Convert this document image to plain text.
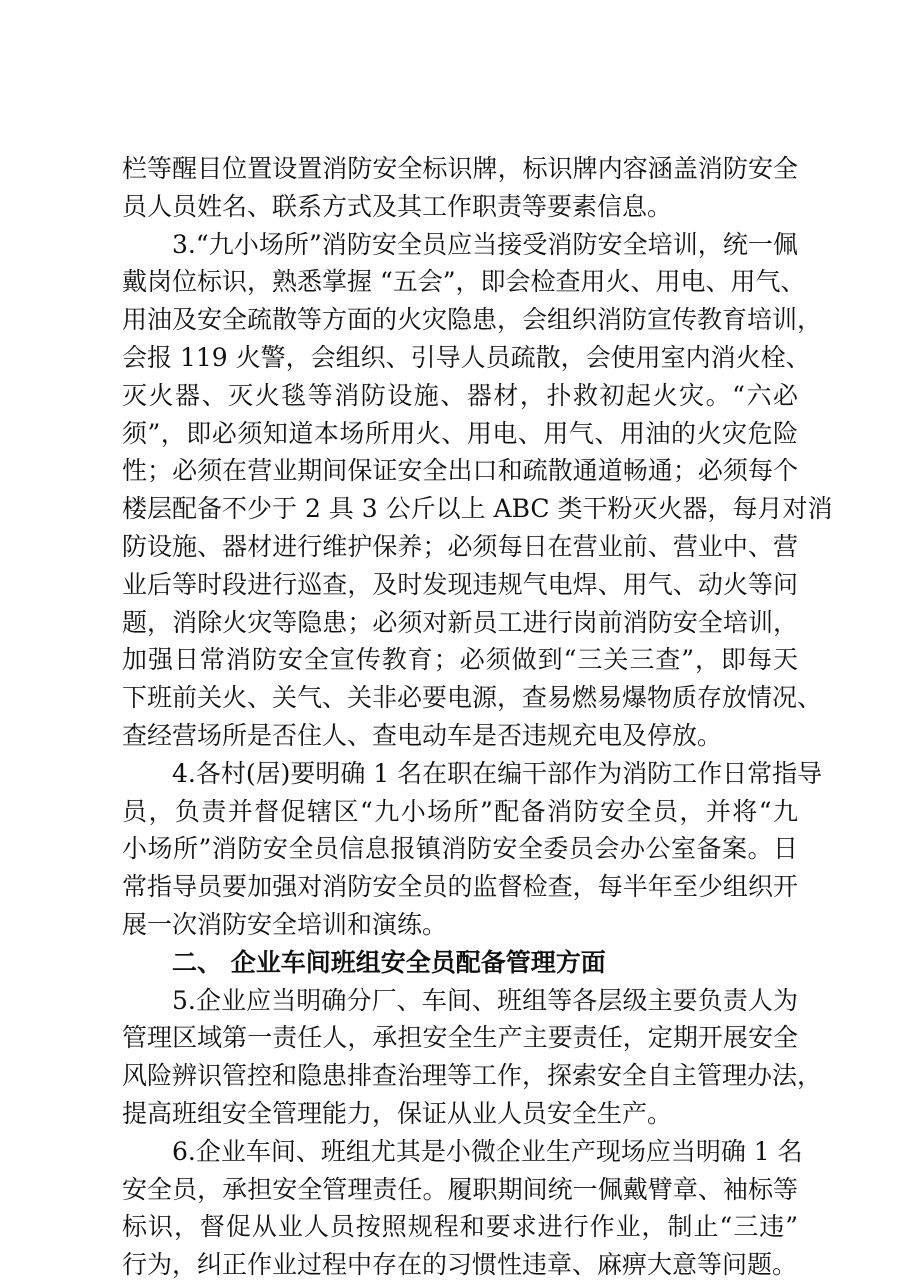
栏等醒目位置设置消防安全标识牌，标识牌内容涵盖消防安全
员人员姓名、联系方式及其工作职责等要素信息。
3.“九小场所”消防安全员应当接受消防安全培训，统一佩
戴岗位标识，熟悉掌握 “五会”，即会检查用火、用电、用气、
用油及安全疏散等方面的火灾隐患，会组织消防宣传教育培训，
会报 119 火警，会组织、引导人员疏散，会使用室内消火栓、
灭火器、灭火毯等消防设施、器材，扑救初起火灾。“六必
须”，即必须知道本场所用火、用电、用气、用油的火灾危险
性；必须在营业期间保证安全出口和疏散通道畅通；必须每个
楼层配备不少于 2 具 3 公斤以上 ABC 类干粉灭火器，每月对消
防设施、器材进行维护保养；必须每日在营业前、营业中、营
业后等时段进行巡查，及时发现违规气电焊、用气、动火等问
题，消除火灾等隐患；必须对新员工进行岗前消防安全培训，
加强日常消防安全宣传教育；必须做到“三关三查”，即每天
下班前关火、关气、关非必要电源，查易燃易爆物质存放情况、
查经营场所是否住人、查电动车是否违规充电及停放。
4.各村(居)要明确 1 名在职在编干部作为消防工作日常指导
员，负责并督促辖区“九小场所”配备消防安全员，并将“九
小场所”消防安全员信息报镇消防安全委员会办公室备案。日
常指导员要加强对消防安全员的监督检查，每半年至少组织开
展一次消防安全培训和演练。
二、 企业车间班组安全员配备管理方面
5.企业应当明确分厂、车间、班组等各层级主要负责人为
管理区域第一责任人，承担安全生产主要责任，定期开展安全
风险辨识管控和隐患排查治理等工作，探索安全自主管理办法，
提高班组安全管理能力，保证从业人员安全生产。
6.企业车间、班组尤其是小微企业生产现场应当明确 1 名
安全员，承担安全管理责任。履职期间统一佩戴臂章、袖标等
标识，督促从业人员按照规程和要求进行作业，制止“三违”
行为，纠正作业过程中存在的习惯性违章、麻痹大意等问题。
